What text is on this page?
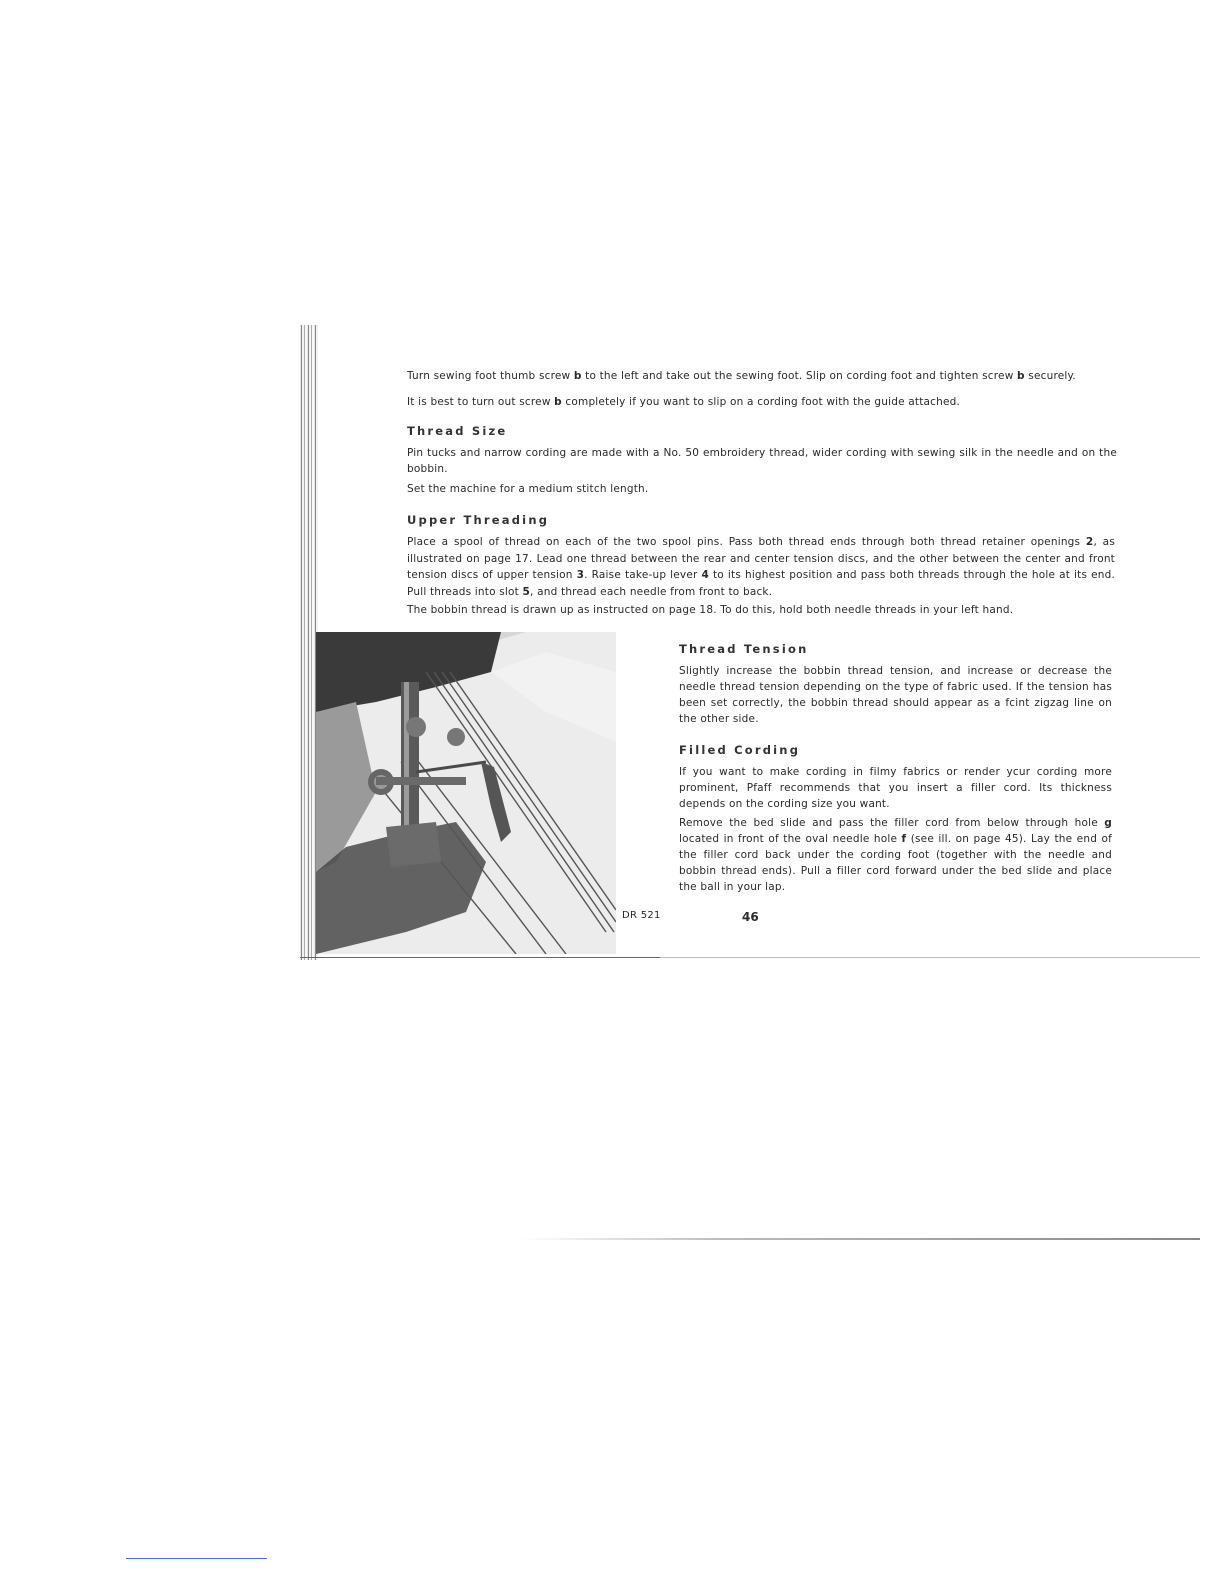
Turn sewing foot thumb screw b to the left and take out the sewing foot. Slip on cording foot and tighten screw b securely.

It is best to turn out screw b completely if you want to slip on a cording foot with the guide attached.

Thread Size

Pin tucks and narrow cording are made with a No. 50 embroidery thread, wider cording with sewing silk in the needle and on the bobbin.

Set the machine for a medium stitch length.

Upper Threading

Place a spool of thread on each of the two spool pins. Pass both thread ends through both thread retainer openings 2, as illustrated on page 17. Lead one thread between the rear and center tension discs, and the other between the center and front tension discs of upper tension 3. Raise take-up lever 4 to its highest position and pass both threads through the hole at its end. Pull threads into slot 5, and thread each needle from front to back.

The bobbin thread is drawn up as instructed on page 18. To do this, hold both needle threads in your left hand.

DR 521
Thread Tension

Slightly increase the bobbin thread tension, and increase or decrease the needle thread tension depending on the type of fabric used. If the tension has been set correctly, the bobbin thread should appear as a fcint zigzag line on the other side.

Filled Cording

If you want to make cording in filmy fabrics or render ycur cording more prominent, Pfaff recommends that you insert a filler cord. Its thickness depends on the cording size you want.

Remove the bed slide and pass the filler cord from below through hole g located in front of the oval needle hole f (see ill. on page 45). Lay the end of the filler cord back under the cording foot (together with the needle and bobbin thread ends). Pull a filler cord forward under the bed slide and place the ball in your lap.

46
